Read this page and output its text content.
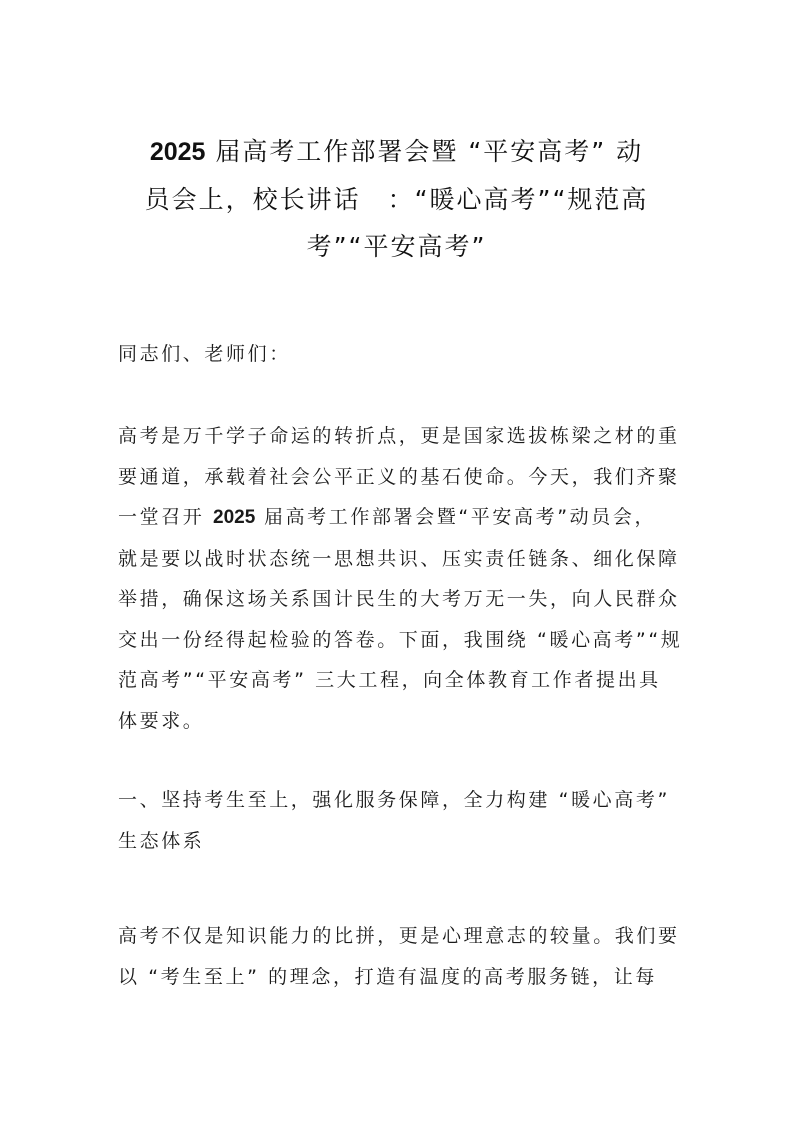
2025 届高考工作部署会暨 “平安高考” 动
员会上，校长讲话　：“暖心高考”“规范高
考”“平安高考”
同志们、老师们：
高考是万千学子命运的转折点，更是国家选拔栋梁之材的重
要通道，承载着社会公平正义的基石使命。今天，我们齐聚
一堂召开 2025 届高考工作部署会暨“平安高考”动员会，
就是要以战时状态统一思想共识、压实责任链条、细化保障
举措，确保这场关系国计民生的大考万无一失，向人民群众
交出一份经得起检验的答卷。下面，我围绕 “暖心高考”“规
范高考”“平安高考” 三大工程，向全体教育工作者提出具
体要求。
一、坚持考生至上，强化服务保障，全力构建 “暖心高考”
生态体系
高考不仅是知识能力的比拼，更是心理意志的较量。我们要
以 “考生至上” 的理念，打造有温度的高考服务链，让每
